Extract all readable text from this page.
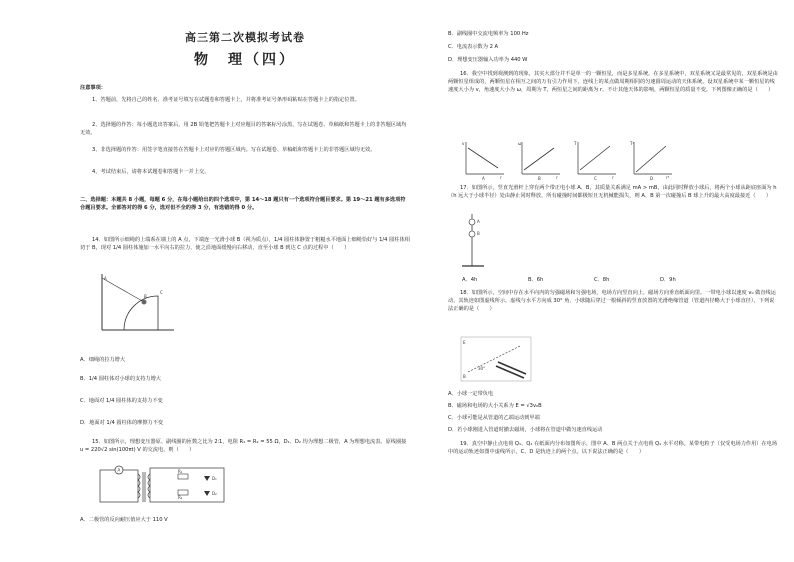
高三第二次模拟考试卷
物　理（四）
注意事项：
1、答题前，先将自己的姓名、准考证号填写在试题卷和答题卡上，并将准考证号条形码粘贴在答题卡上的指定位置。
2、选择题的作答：每小题选出答案后，用 2B 铅笔把答题卡上对应题目的答案标号涂黑，写在试题卷、草稿纸和答题卡上的非答题区域均无效。
3、非选择题的作答：用签字笔直接答在答题卡上对应的答题区域内。写在试题卷、草稿纸和答题卡上的非答题区域均无效。
4、考试结束后，请将本试题卷和答题卡一并上交。
二、选择题：本题共 8 小题，每题 6 分，在每小题给出的四个选项中，第 14～18 题只有一个选项符合题目要求。第 19～21 题有多选项符合题目要求。全部答对的得 6 分，选对但不全的得 3 分，有选错的得 0 分。
14．如图所示细绳的上端系在墙上的 A 点，下端连一光滑小球 B（视为质点），1/4 圆柱体静置于粗糙水平地面上细绳恰好与 1/4 圆柱体相切于 B，现对 1/4 圆柱体施加一水平向右的拉力，使之沿地面缓慢向右移动，直至小球 B 到达 C 点的过程中（　　）
A
B
C
A．细绳的拉力增大
B．1/4 圆柱体对小球的支持力增大
C．地面对 1/4 圆柱体的支持力不变
D．地面对 1/4 圆柱体的摩擦力不变
15．如图所示，理想变压器原、副线圈的匝数之比为 2∶1，电阻 R₁ = R₂ = 55 Ω，D₁、D₂ 均为理想二极管，A 为理想电流表。原线圈接 u = 220√2 sin(100πt) V 的交流电，则（　　）
A	R₁
R₂
D₁
D₂
A．二极管的反向耐压值应大于 110 V
B．副线圈中交流电频率为 100 Hz
C．电流表示数为 2 A
D．理想变压器输入功率为 440 W
16．我空中找到观测到的现象，其实大部分并不是单一的一颗恒星，而是多星系统。在多星系统中，双星系统又是最常见的，双星系统是由两颗恒星组成的，两颗恒星在相互之间的万有引力作用下，连线上的某点做周期相同的匀速圆周运动的天体系统。设双星系统中某一颗恒星的线速度大小为 v，角速度大小为 ω，周期为 T，两恒星之间的距离为 r，不计其他天体的影响，两颗恒星的质量不变。下列图像正确的是（　　）
v
r
A
ω
r
B
T
r
C
T²
r³
D
17．如图所示，竖直光滑杆上穿有两个带正电小球 A、B，其质量关系满足 mA > mB，由此同时释放小球后，将两个小球从距底座面为 h（h 远大于小球半径）处由静止同时释放，所有碰撞时间都极短且无机械能损失，则 A、B 第一次碰撞后 B 球上升的最大高度最接近（　　）
A
B
A．4h	B．6h	C．8h	D．9h
18．如图所示，空间中存在水平向内的匀强磁场和匀强电场，电场方向竖直向上，磁场方向垂直纸面向里。一带电小球以速度 v₀ 做直线运动，其轨迹如图虚线所示，虚线与水平方向成 30° 角，小球随后穿过一根倾斜的竖直放置的光滑绝缘管道（管道内径略大于小球直径），下列说法正确的是（　　）
E
B
30°
A．小球一定带负电
B．磁场和电场的大小关系为 E = √3v₀B
C．小球可能是从管道的乙端运动到甲端
D．若小球刚进入管道时撤去磁场，小球将在管道中做匀速直线运动
19．真空中静止点电荷 Q₁、Q₂ 在纸面内分布如图所示，图中 A、B 两点关于点电荷 Q₁ 水平对称。某带电粒子（仅受电场力作用）在电场中的运动轨迹如图中虚线所示，C、D 是轨迹上的两个点。以下说法正确的是（　　）
